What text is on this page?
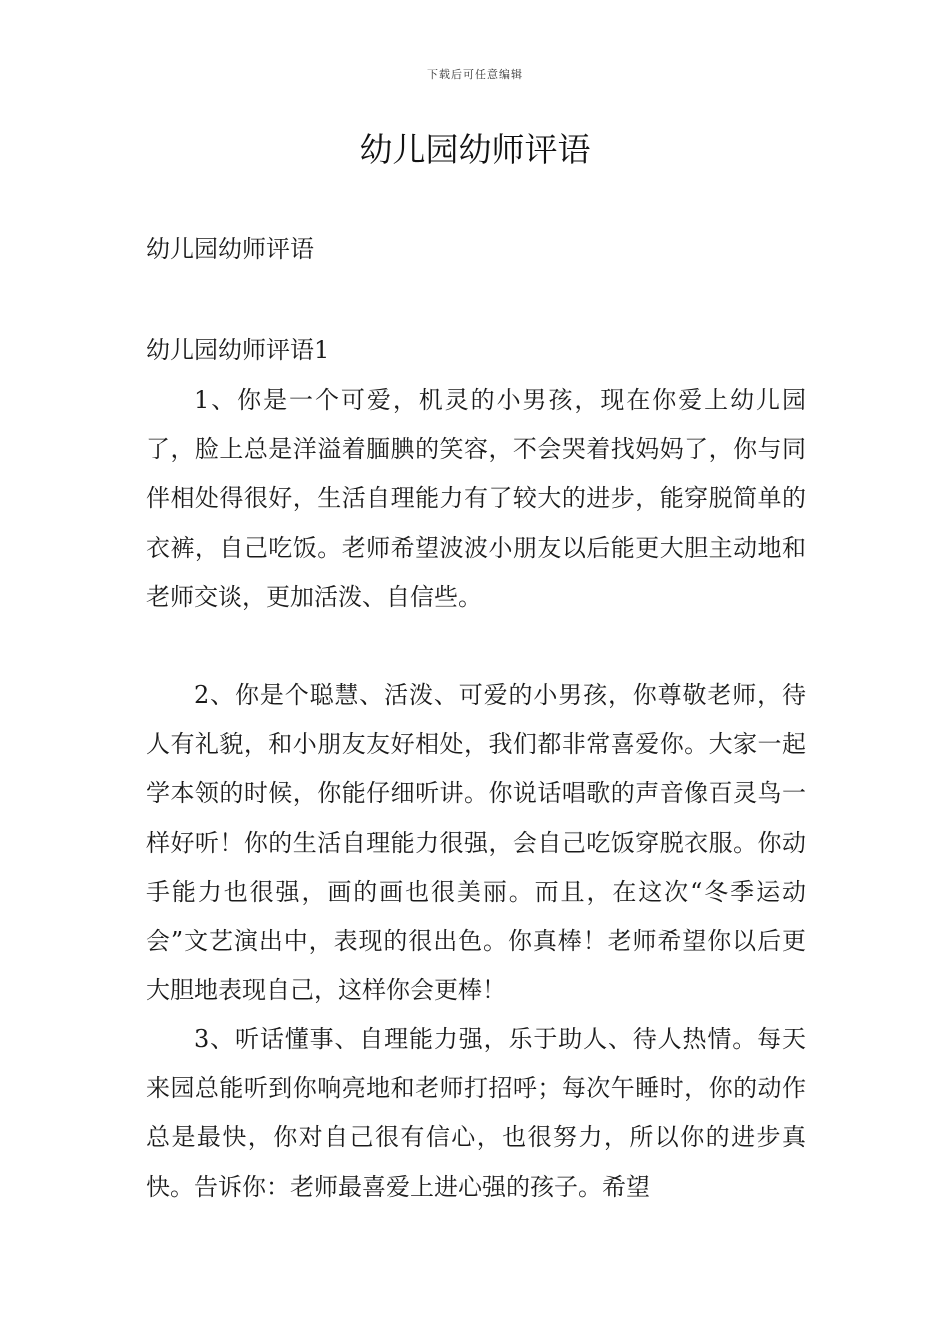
下载后可任意编辑
幼儿园幼师评语

幼儿园幼师评语

幼儿园幼师评语1

1、你是一个可爱，机灵的小男孩，现在你爱上幼儿园了，脸上总是洋溢着腼腆的笑容，不会哭着找妈妈了，你与同伴相处得很好，生活自理能力有了较大的进步，能穿脱简单的衣裤，自己吃饭。老师希望波波小朋友以后能更大胆主动地和老师交谈，更加活泼、自信些。

2、你是个聪慧、活泼、可爱的小男孩，你尊敬老师，待人有礼貌，和小朋友友好相处，我们都非常喜爱你。大家一起学本领的时候，你能仔细听讲。你说话唱歌的声音像百灵鸟一样好听！你的生活自理能力很强，会自己吃饭穿脱衣服。你动手能力也很强，画的画也很美丽。而且，在这次“冬季运动会”文艺演出中，表现的很出色。你真棒！老师希望你以后更大胆地表现自己，这样你会更棒！

3、听话懂事、自理能力强，乐于助人、待人热情。每天来园总能听到你响亮地和老师打招呼；每次午睡时，你的动作总是最快，你对自己很有信心，也很努力，所以你的进步真快。告诉你：老师最喜爱上进心强的孩子。希望
